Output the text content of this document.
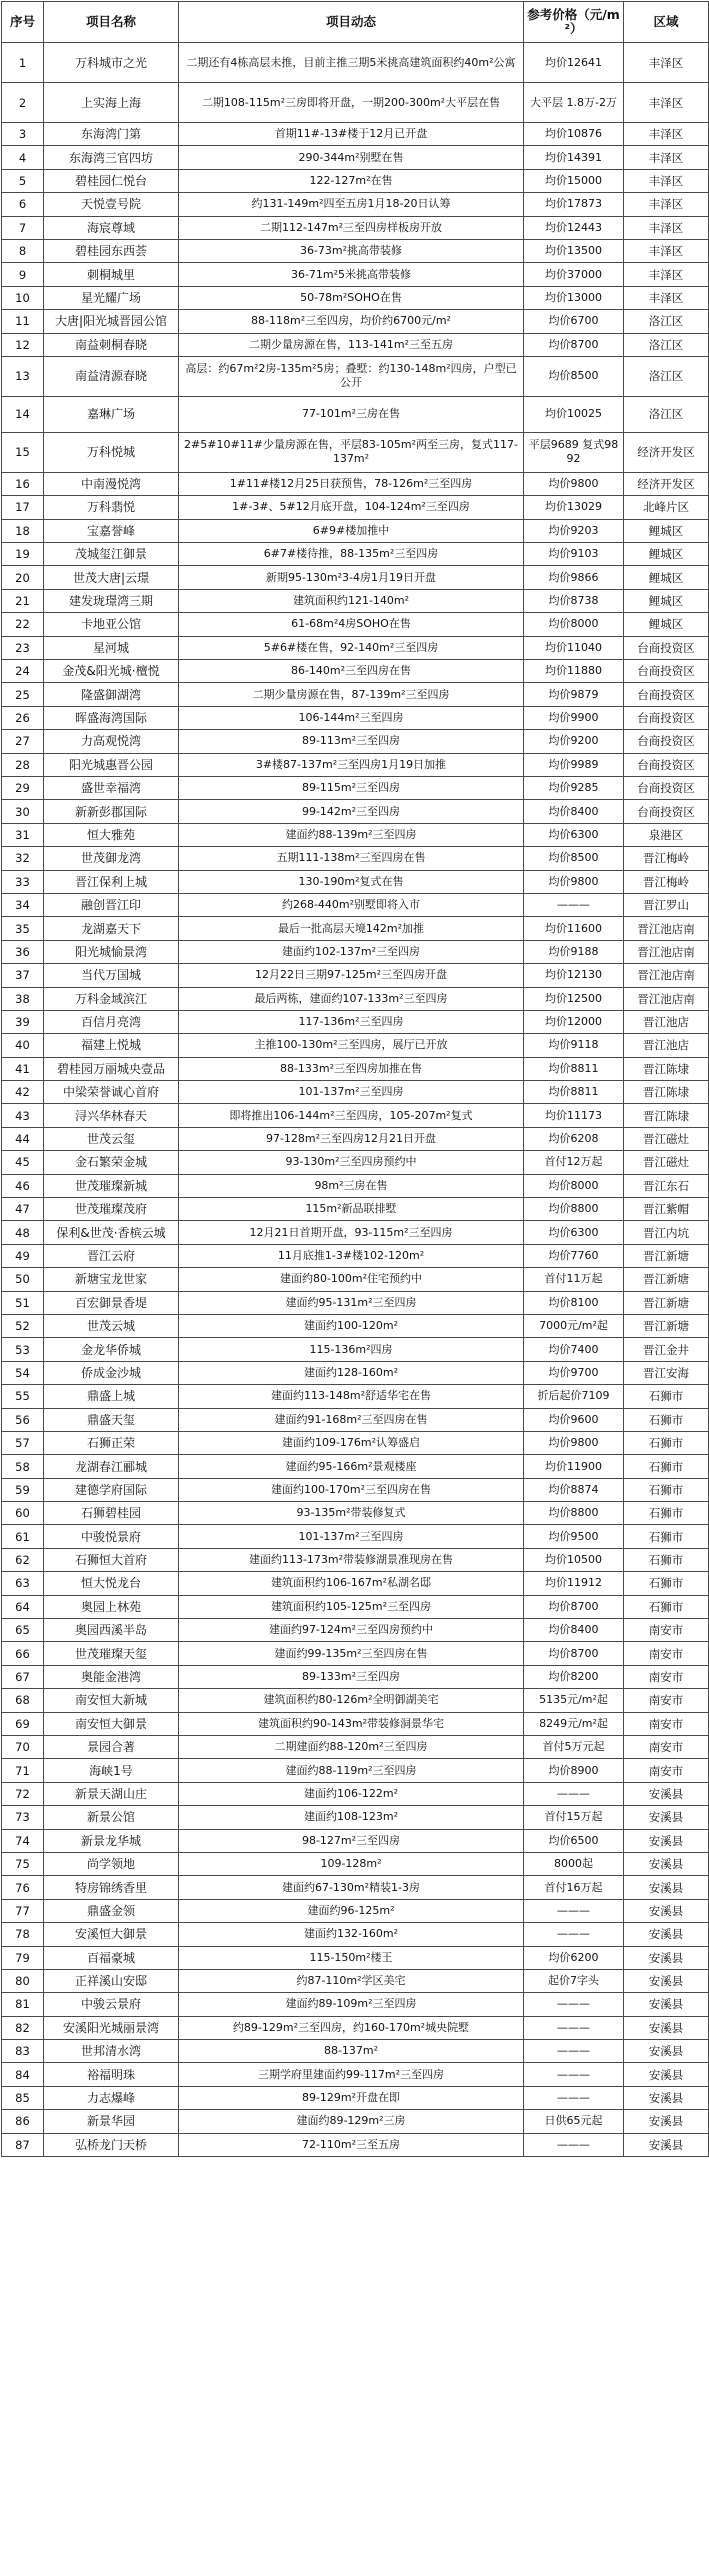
序号	项目名称	项目动态	参考价格（元/m²）	区域
1	万科城市之光	二期还有4栋高层未推，目前主推三期5米挑高建筑面积约40m²公寓	均价12641	丰泽区
2	上实海上海	二期108-115m²三房即将开盘，一期200-300m²大平层在售	大平层 1.8万-2万	丰泽区
3	东海湾门第	首期11#-13#楼于12月已开盘	均价10876	丰泽区
4	东海湾三官四坊	290-344m²别墅在售	均价14391	丰泽区
5	碧桂园仁悦台	122-127m²在售	均价15000	丰泽区
6	天悦壹号院	约131-149m²四至五房1月18-20日认筹	均价17873	丰泽区
7	海宸尊域	二期112-147m²三至四房样板房开放	均价12443	丰泽区
8	碧桂园东西荟	36-73m²挑高带装修	均价13500	丰泽区
9	刺桐城里	36-71m²5米挑高带装修	均价37000	丰泽区
10	星光耀广场	50-78m²SOHO在售	均价13000	丰泽区
11	大唐|阳光城晋园公馆	88-118m²三至四房，均价约6700元/m²	均价6700	洛江区
12	南益刺桐春晓	二期少量房源在售，113-141m²三至五房	均价8700	洛江区
13	南益清源春晓	高层：约67m²2房-135m²5房；叠墅：约130-148m²四房，户型已公开	均价8500	洛江区
14	嘉琳广场	77-101m²三房在售	均价10025	洛江区
15	万科悦城	2#5#10#11#少量房源在售，平层83-105m²两至三房，复式117-137m²	平层9689 复式9892	经济开发区
16	中南漫悦湾	1#11#楼12月25日获预售，78-126m²三至四房	均价9800	经济开发区
17	万科翡悦	1#-3#、5#12月底开盘，104-124m²三至四房	均价13029	北峰片区
18	宝嘉誉峰	6#9#楼加推中	均价9203	鲤城区
19	茂城玺江御景	6#7#楼待推，88-135m²三至四房	均价9103	鲤城区
20	世茂大唐|云璟	新期95-130m²3-4房1月19日开盘	均价9866	鲤城区
21	建发珑璟湾三期	建筑面积约121-140m²	均价8738	鲤城区
22	卡地亚公馆	61-68m²4房SOHO在售	均价8000	鲤城区
23	星河城	5#6#楼在售，92-140m²三至四房	均价11040	台商投资区
24	金茂&阳光城·檀悦	86-140m²三至四房在售	均价11880	台商投资区
25	隆盛御湖湾	二期少量房源在售，87-139m²三至四房	均价9879	台商投资区
26	晖盛海湾国际	106-144m²三至四房	均价9900	台商投资区
27	力高观悦湾	89-113m²三至四房	均价9200	台商投资区
28	阳光城惠晋公园	3#楼87-137m²三至四房1月19日加推	均价9989	台商投资区
29	盛世幸福湾	89-115m²三至四房	均价9285	台商投资区
30	新新彭郡国际	99-142m²三至四房	均价8400	台商投资区
31	恒大雅苑	建面约88-139m²三至四房	均价6300	泉港区
32	世茂御龙湾	五期111-138m²三至四房在售	均价8500	晋江梅岭
33	晋江保利上城	130-190m²复式在售	均价9800	晋江梅岭
34	融创晋江印	约268-440m²别墅即将入市	———	晋江罗山
35	龙湖嘉天下	最后一批高层天境142m²加推	均价11600	晋江池店南
36	阳光城愉景湾	建面约102-137m²三至四房	均价9188	晋江池店南
37	当代万国城	12月22日三期97-125m²三至四房开盘	均价12130	晋江池店南
38	万科金域滨江	最后两栋，建面约107-133m²三至四房	均价12500	晋江池店南
39	百信月亮湾	117-136m²三至四房	均价12000	晋江池店
40	福建上悦城	主推100-130m²三至四房，展厅已开放	均价9118	晋江池店
41	碧桂园万丽城央壹品	88-133m²三至四房加推在售	均价8811	晋江陈埭
42	中梁荣誉诚心首府	101-137m²三至四房	均价8811	晋江陈埭
43	浔兴华林春天	即将推出106-144m²三至四房，105-207m²复式	均价11173	晋江陈埭
44	世茂云玺	97-128m²三至四房12月21日开盘	均价6208	晋江磁灶
45	金石繁荣金城	93-130m²三至四房预约中	首付12万起	晋江磁灶
46	世茂璀璨新城	98m²三房在售	均价8000	晋江东石
47	世茂璀璨茂府	115m²新品联排墅	均价8800	晋江紫帽
48	保利&世茂·香槟云城	12月21日首期开盘，93-115m²三至四房	均价6300	晋江内坑
49	晋江云府	11月底推1-3#楼102-120m²	均价7760	晋江新塘
50	新塘宝龙世家	建面约80-100m²住宅预约中	首付11万起	晋江新塘
51	百宏御景香堤	建面约95-131m²三至四房	均价8100	晋江新塘
52	世茂云城	建面约100-120m²	7000元/m²起	晋江新塘
53	金龙华侨城	115-136m²四房	均价7400	晋江金井
54	侨成金沙城	建面约128-160m²	均价9700	晋江安海
55	鼎盛上城	建面约113-148m²舒适华宅在售	折后起价7109	石狮市
56	鼎盛天玺	建面约91-168m²三至四房在售	均价9600	石狮市
57	石狮正荣	建面约109-176m²认筹盛启	均价9800	石狮市
58	龙湖春江郦城	建面约95-166m²景观楼座	均价11900	石狮市
59	建德学府国际	建面约100-170m²三至四房在售	均价8874	石狮市
60	石狮碧桂园	93-135m²带装修复式	均价8800	石狮市
61	中骏悦景府	101-137m²三至四房	均价9500	石狮市
62	石狮恒大首府	建面约113-173m²带装修湖景准现房在售	均价10500	石狮市
63	恒大悦龙台	建筑面积约106-167m²私湖名邸	均价11912	石狮市
64	奥园上林苑	建筑面积约105-125m²三至四房	均价8700	石狮市
65	奥园西溪半岛	建面约97-124m²三至四房预约中	均价8400	南安市
66	世茂璀璨天玺	建面约99-135m²三至四房在售	均价8700	南安市
67	奥能金港湾	89-133m²三至四房	均价8200	南安市
68	南安恒大新城	建筑面积约80-126m²全明御湖美宅	5135元/m²起	南安市
69	南安恒大御景	建筑面积约90-143m²带装修洞景华宅	8249元/m²起	南安市
70	景园合著	二期建面约88-120m²三至四房	首付5万元起	南安市
71	海峡1号	建面约88-119m²三至四房	均价8900	南安市
72	新景天湖山庄	建面约106-122m²	———	安溪县
73	新景公馆	建面约108-123m²	首付15万起	安溪县
74	新景龙华城	98-127m²三至四房	均价6500	安溪县
75	尚学领地	109-128m²	8000起	安溪县
76	特房锦绣香里	建面约67-130m²精装1-3房	首付16万起	安溪县
77	鼎盛金领	建面约96-125m²	———	安溪县
78	安溪恒大御景	建面约132-160m²	———	安溪县
79	百福豪城	115-150m²楼王	均价6200	安溪县
80	正祥溪山安邸	约87-110m²学区美宅	起价7字头	安溪县
81	中骏云景府	建面约89-109m²三至四房	———	安溪县
82	安溪阳光城丽景湾	约89-129m²三至四房，约160-170m²城央院墅	———	安溪县
83	世邦清水湾	88-137m²	———	安溪县
84	裕福明珠	三期学府里建面约99-117m²三至四房	———	安溪县
85	力志爆峰	89-129m²开盘在即	———	安溪县
86	新景华园	建面约89-129m²三房	日供65元起	安溪县
87	弘桥龙门天桥	72-110m²三至五房	———	安溪县
